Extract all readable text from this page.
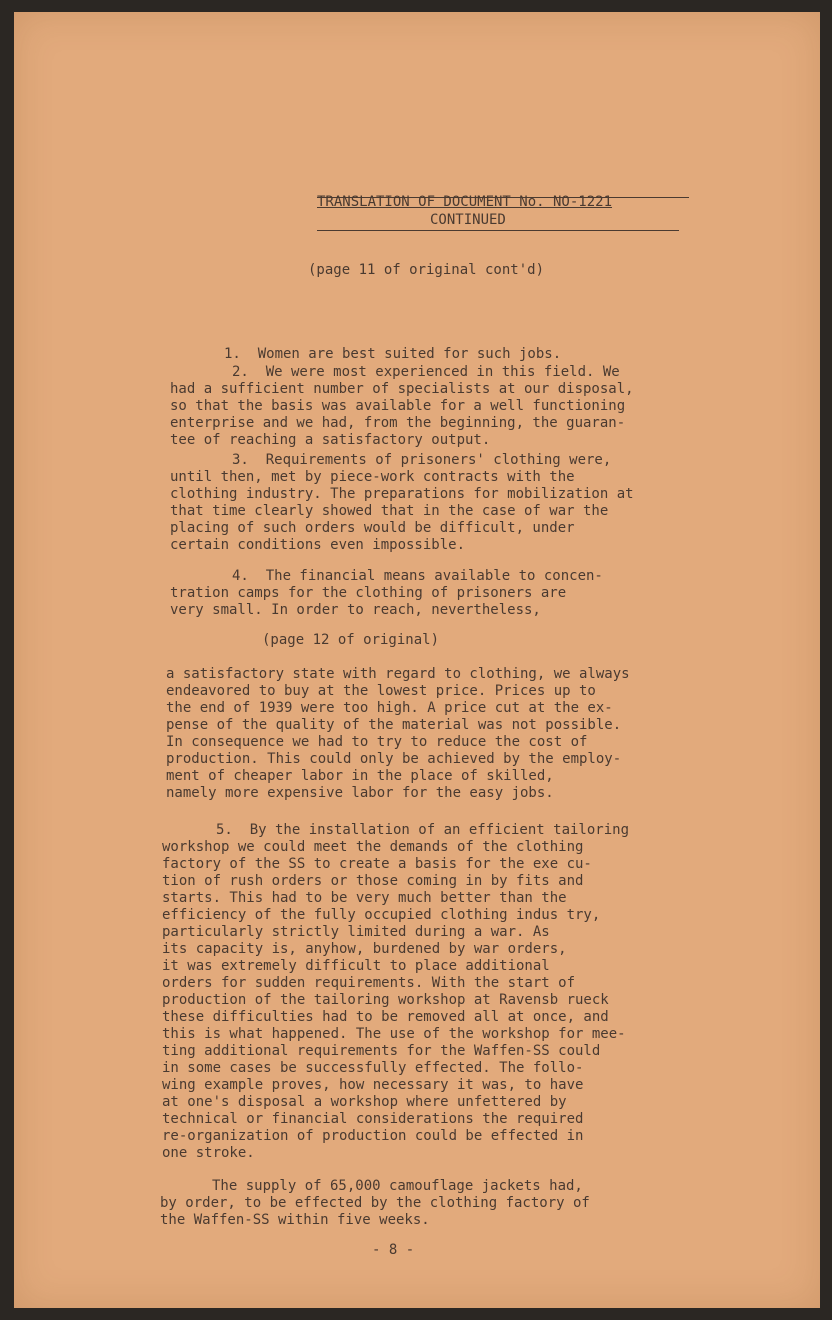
TRANSLATION OF DOCUMENT No. NO-1221
CONTINUED
(page 11 of original cont'd)
1.  Women are best suited for such jobs.

2.  We were most experienced in this field. We

had a sufficient number of specialists at our disposal,

so that the basis was available for a well functioning

enterprise and we had, from the beginning, the guaran-

tee of reaching a satisfactory output.

3.  Requirements of prisoners' clothing were,

until then, met by piece-work contracts with the

clothing industry. The preparations for mobilization at

that time clearly showed that in the case of war the

placing of such orders would be difficult, under

certain conditions even impossible.

4.  The financial means available to concen-

tration camps for the clothing of prisoners are

very small. In order to reach, nevertheless,

(page 12 of original)

a satisfactory state with regard to clothing, we always

endeavored to buy at the lowest price. Prices up to

the end of 1939 were too high. A price cut at the ex-

pense of the quality of the material was not possible.

In consequence we had to try to reduce the cost of

production. This could only be achieved by the employ-

ment of cheaper labor in the place of skilled,

namely more expensive labor for the easy jobs.

5.  By the installation of an efficient tailoring

workshop we could meet the demands of the clothing

factory of the SS to create a basis for the exe cu-

tion of rush orders or those coming in by fits and

starts. This had to be very much better than the

efficiency of the fully occupied clothing indus try,

particularly strictly limited during a war. As

its capacity is, anyhow, burdened by war orders,

it was extremely difficult to place additional

orders for sudden requirements. With the start of

production of the tailoring workshop at Ravensb rueck

these difficulties had to be removed all at once, and

this is what happened. The use of the workshop for mee-

ting additional requirements for the Waffen-SS could

in some cases be successfully effected. The follo-

wing example proves, how necessary it was, to have

at one's disposal a workshop where unfettered by

technical or financial considerations the required

re-organization of production could be effected in

one stroke.

The supply of 65,000 camouflage jackets had,

by order, to be effected by the clothing factory of

the Waffen-SS within five weeks.

- 8 -
